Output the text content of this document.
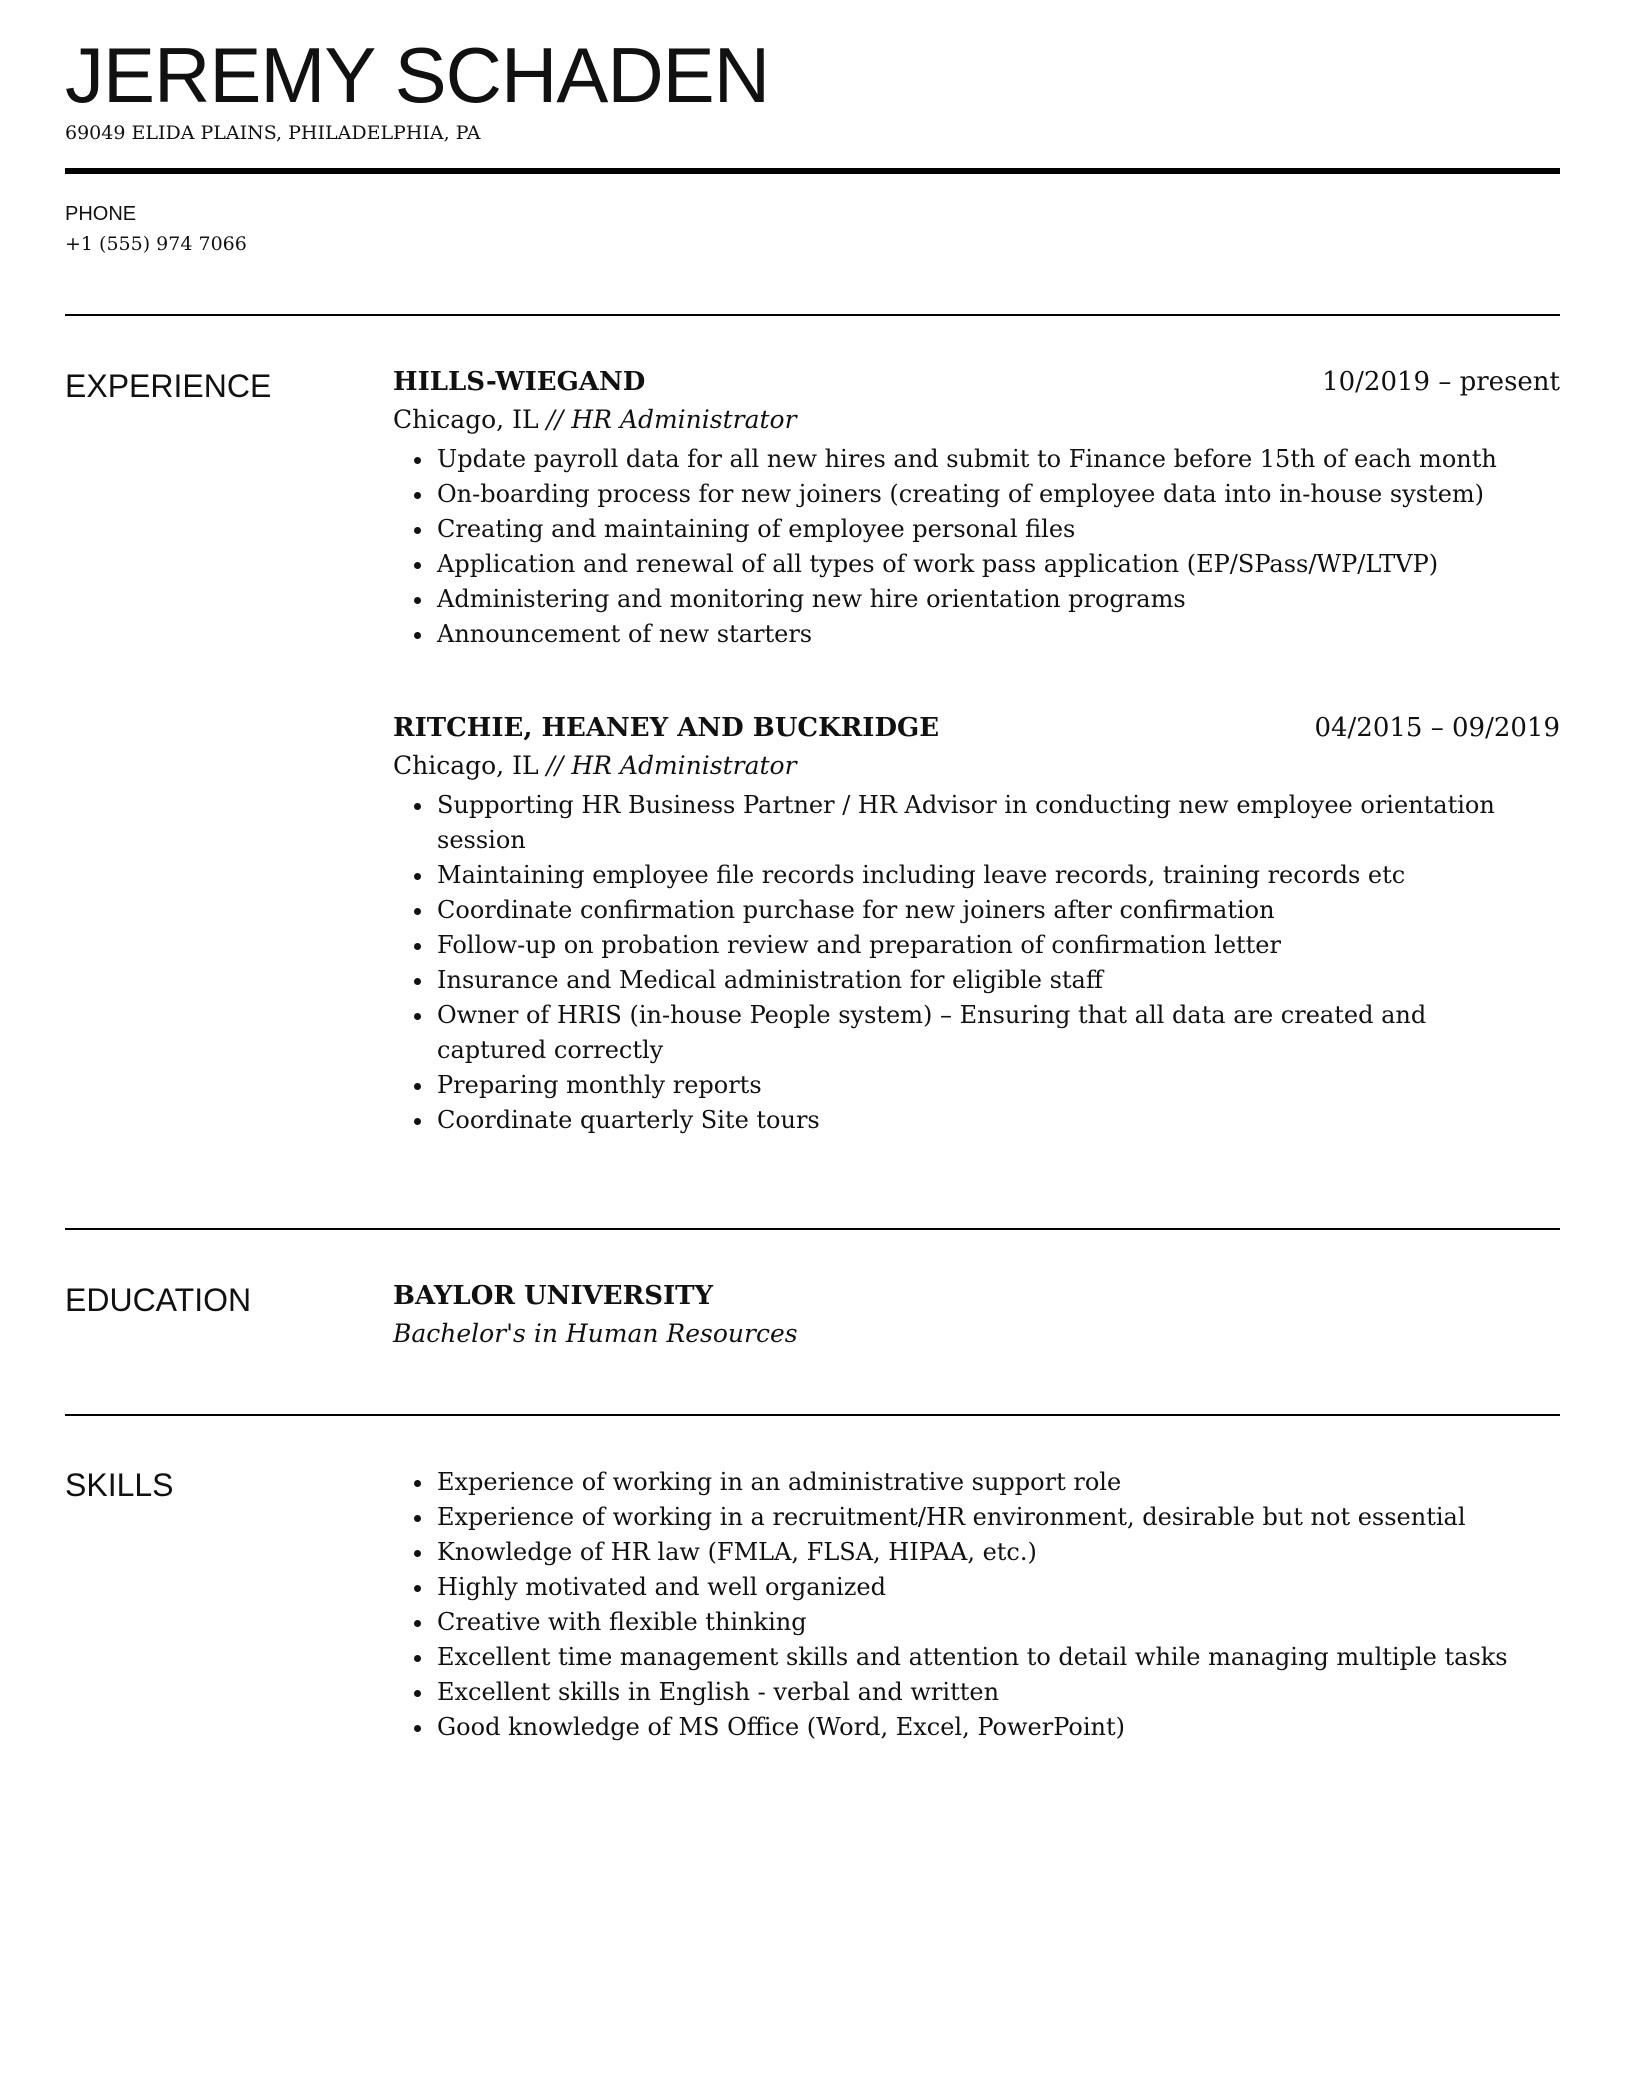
JEREMY SCHADEN
69049 ELIDA PLAINS, PHILADELPHIA, PA
PHONE
+1 (555) 974 7066
EXPERIENCE	HILLS-WIEGAND	10/2019 – present
Chicago, IL // HR Administrator
• Update payroll data for all new hires and submit to Finance before 15th of each month
• On-boarding process for new joiners (creating of employee data into in-house system)
• Creating and maintaining of employee personal files
• Application and renewal of all types of work pass application (EP/SPass/WP/LTVP)
• Administering and monitoring new hire orientation programs
• Announcement of new starters
RITCHIE, HEANEY AND BUCKRIDGE	04/2015 – 09/2019
Chicago, IL // HR Administrator
• Supporting HR Business Partner / HR Advisor in conducting new employee orientation session
• Maintaining employee file records including leave records, training records etc
• Coordinate confirmation purchase for new joiners after confirmation
• Follow-up on probation review and preparation of confirmation letter
• Insurance and Medical administration for eligible staff
• Owner of HRIS (in-house People system) – Ensuring that all data are created and captured correctly
• Preparing monthly reports
• Coordinate quarterly Site tours
EDUCATION	BAYLOR UNIVERSITY
Bachelor's in Human Resources
SKILLS	• Experience of working in an administrative support role
• Experience of working in a recruitment/HR environment, desirable but not essential
• Knowledge of HR law (FMLA, FLSA, HIPAA, etc.)
• Highly motivated and well organized
• Creative with flexible thinking
• Excellent time management skills and attention to detail while managing multiple tasks
• Excellent skills in English - verbal and written
• Good knowledge of MS Office (Word, Excel, PowerPoint)
